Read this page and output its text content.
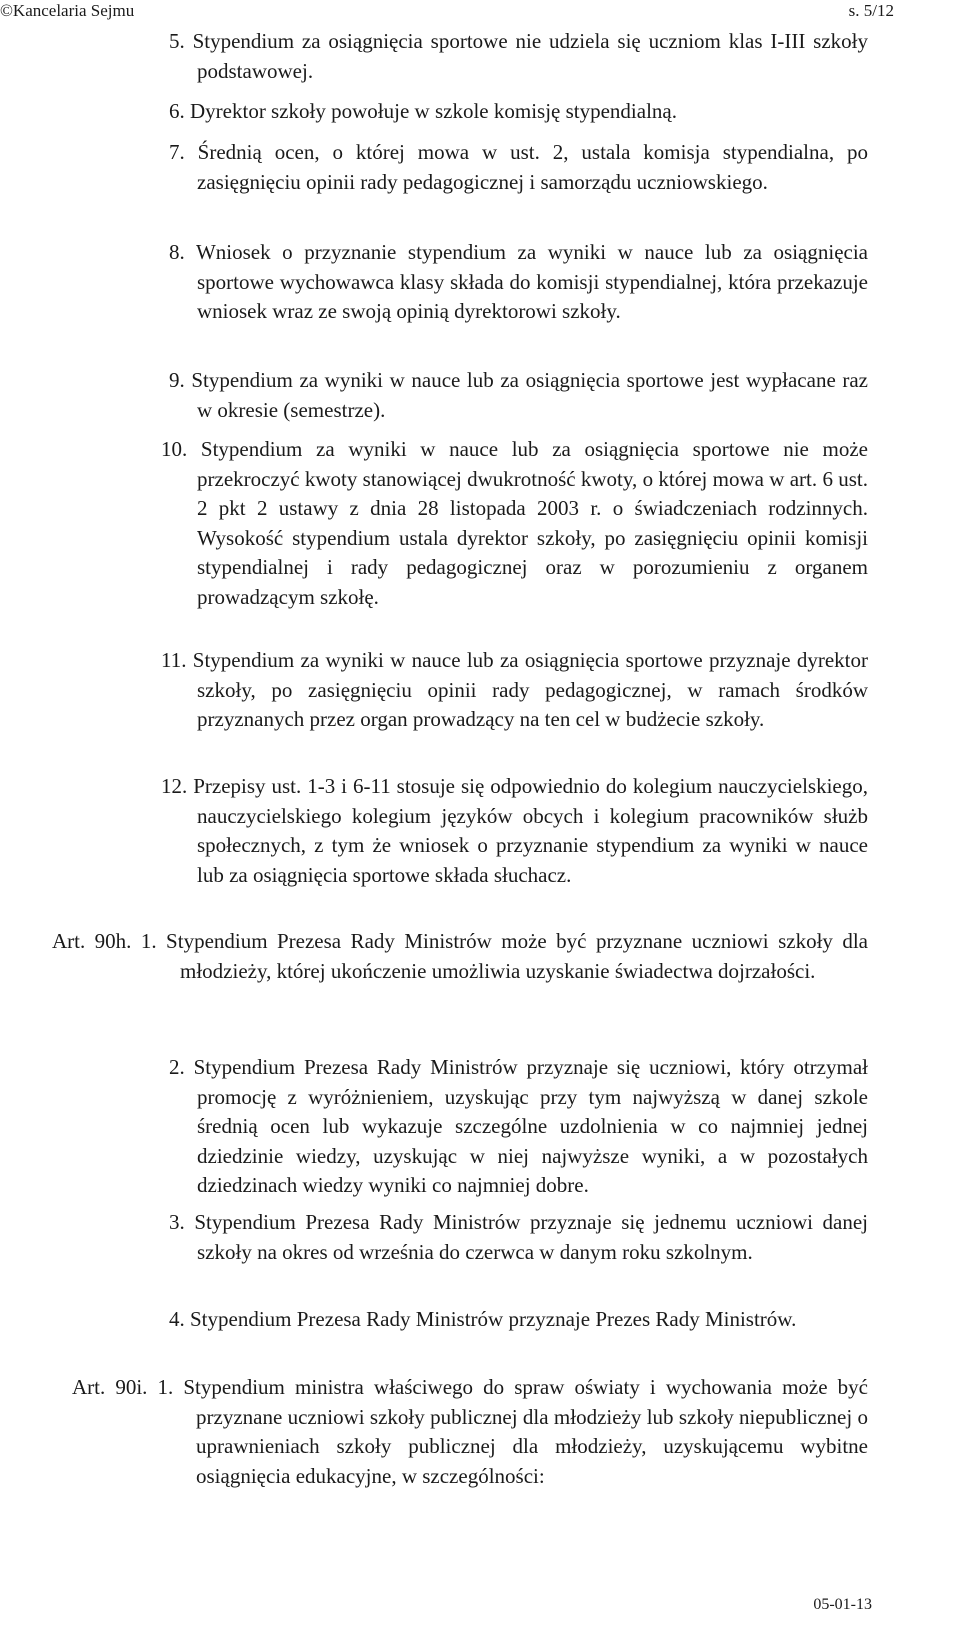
©Kancelaria Sejmu	s. 5/12

5. Stypendium za osiągnięcia sportowe nie udziela się uczniom klas I-III szkoły podstawowej.

6. Dyrektor szkoły powołuje w szkole komisję stypendialną.

7. Średnią ocen, o której mowa w ust. 2, ustala komisja stypendialna, po zasięgnięciu opinii rady pedagogicznej i samorządu uczniowskiego.

8. Wniosek o przyznanie stypendium za wyniki w nauce lub za osiągnięcia sportowe wychowawca klasy składa do komisji stypendialnej, która przekazuje wniosek wraz ze swoją opinią dyrektorowi szkoły.

9. Stypendium za wyniki w nauce lub za osiągnięcia sportowe jest wypłacane raz w okresie (semestrze).

10. Stypendium za wyniki w nauce lub za osiągnięcia sportowe nie może przekroczyć kwoty stanowiącej dwukrotność kwoty, o której mowa w art. 6 ust. 2 pkt 2 ustawy z dnia 28 listopada 2003 r. o świadczeniach rodzinnych. Wysokość stypendium ustala dyrektor szkoły, po zasięgnięciu opinii komisji stypendialnej i rady pedagogicznej oraz w porozumieniu z organem prowadzącym szkołę.

11. Stypendium za wyniki w nauce lub za osiągnięcia sportowe przyznaje dyrektor szkoły, po zasięgnięciu opinii rady pedagogicznej, w ramach środków przyznanych przez organ prowadzący na ten cel w budżecie szkoły.

12. Przepisy ust. 1-3 i 6-11 stosuje się odpowiednio do kolegium nauczycielskiego, nauczycielskiego kolegium języków obcych i kolegium pracowników służb społecznych, z tym że wniosek o przyznanie stypendium za wyniki w nauce lub za osiągnięcia sportowe składa słuchacz.

Art. 90h. 1. Stypendium Prezesa Rady Ministrów może być przyznane uczniowi szkoły dla młodzieży, której ukończenie umożliwia uzyskanie świadectwa dojrzałości.

2. Stypendium Prezesa Rady Ministrów przyznaje się uczniowi, który otrzymał promocję z wyróżnieniem, uzyskując przy tym najwyższą w danej szkole średnią ocen lub wykazuje szczególne uzdolnienia w co najmniej jednej dziedzinie wiedzy, uzyskując w niej najwyższe wyniki, a w pozostałych dziedzinach wiedzy wyniki co najmniej dobre.

3. Stypendium Prezesa Rady Ministrów przyznaje się jednemu uczniowi danej szkoły na okres od września do czerwca w danym roku szkolnym.

4. Stypendium Prezesa Rady Ministrów przyznaje Prezes Rady Ministrów.

Art. 90i. 1. Stypendium ministra właściwego do spraw oświaty i wychowania może być przyznane uczniowi szkoły publicznej dla młodzieży lub szkoły niepublicznej o uprawnieniach szkoły publicznej dla młodzieży, uzyskującemu wybitne osiągnięcia edukacyjne, w szczególności:

05-01-13
